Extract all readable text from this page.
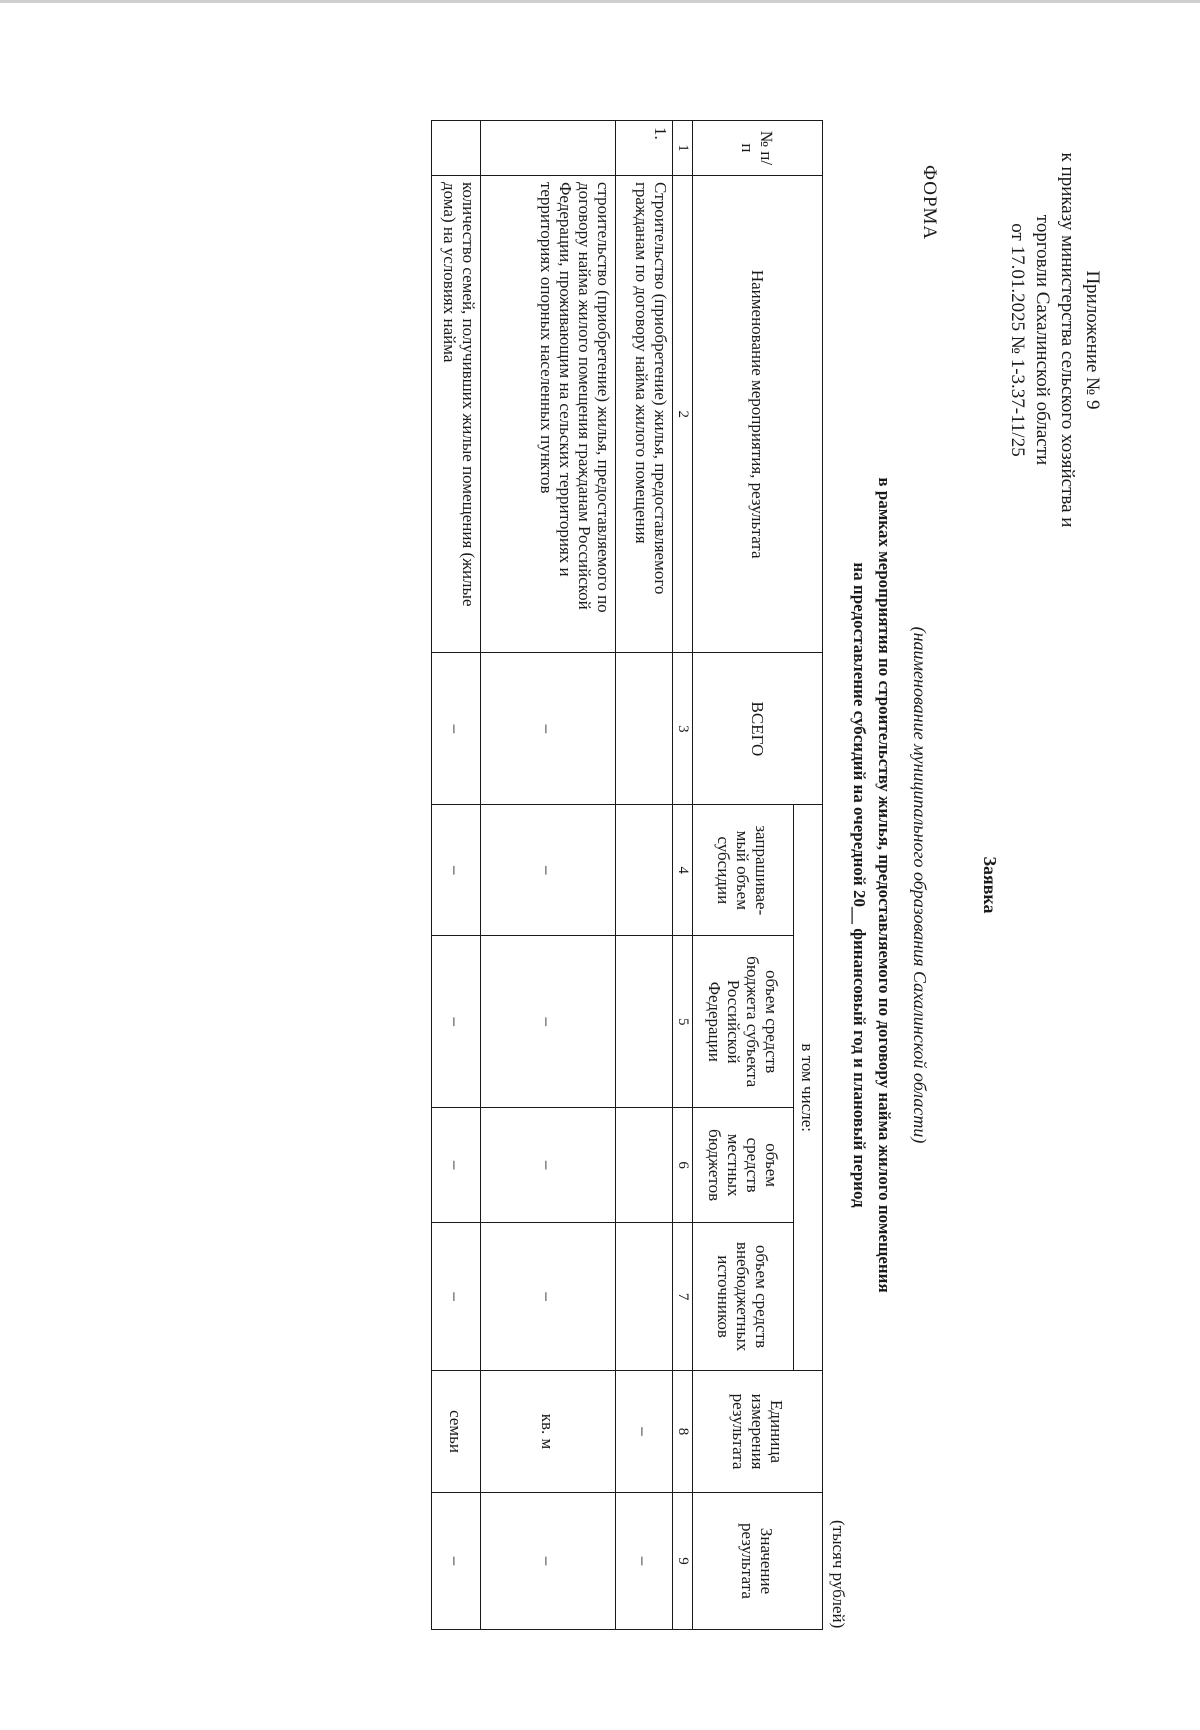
Приложение № 9
к приказу министерства сельского хозяйства и
торговли Сахалинской области
от 17.01.2025 № 1-3.37-11/25
ФОРМА
Заявка
(наименование муниципального образования Сахалинской области)
в рамках мероприятия по строительству жилья, предоставляемого по договору найма жилого помещения
на предоставление субсидий на очередной 20__ финансовый год и плановый период
(тысяч рублей)
№ п/п	Наименование мероприятия, результата	ВСЕГО	в том числе:				Единица измерения результата	Значение результата
			запрашивае-мый объем субсидии	объем средств бюджета субъекта Российской Федерации	объем средств местных бюджетов	объем средств внебюджетных источников		
1	2	3	4	5	6	7	8	9
1.	Строительство (приобретение) жилья, предоставляемого гражданам по договору найма жилого помещения						–	–
	строительство (приобретение) жилья, предоставляемого по договору найма жилого помещения гражданам Российской Федерации, проживающим на сельских территориях и территориях опорных населенных пунктов	–	–	–	–	–	кв. м	–
	количество семей, получивших жилые помещения (жилые дома) на условиях найма	–	–	–	–	–	семьи	–
